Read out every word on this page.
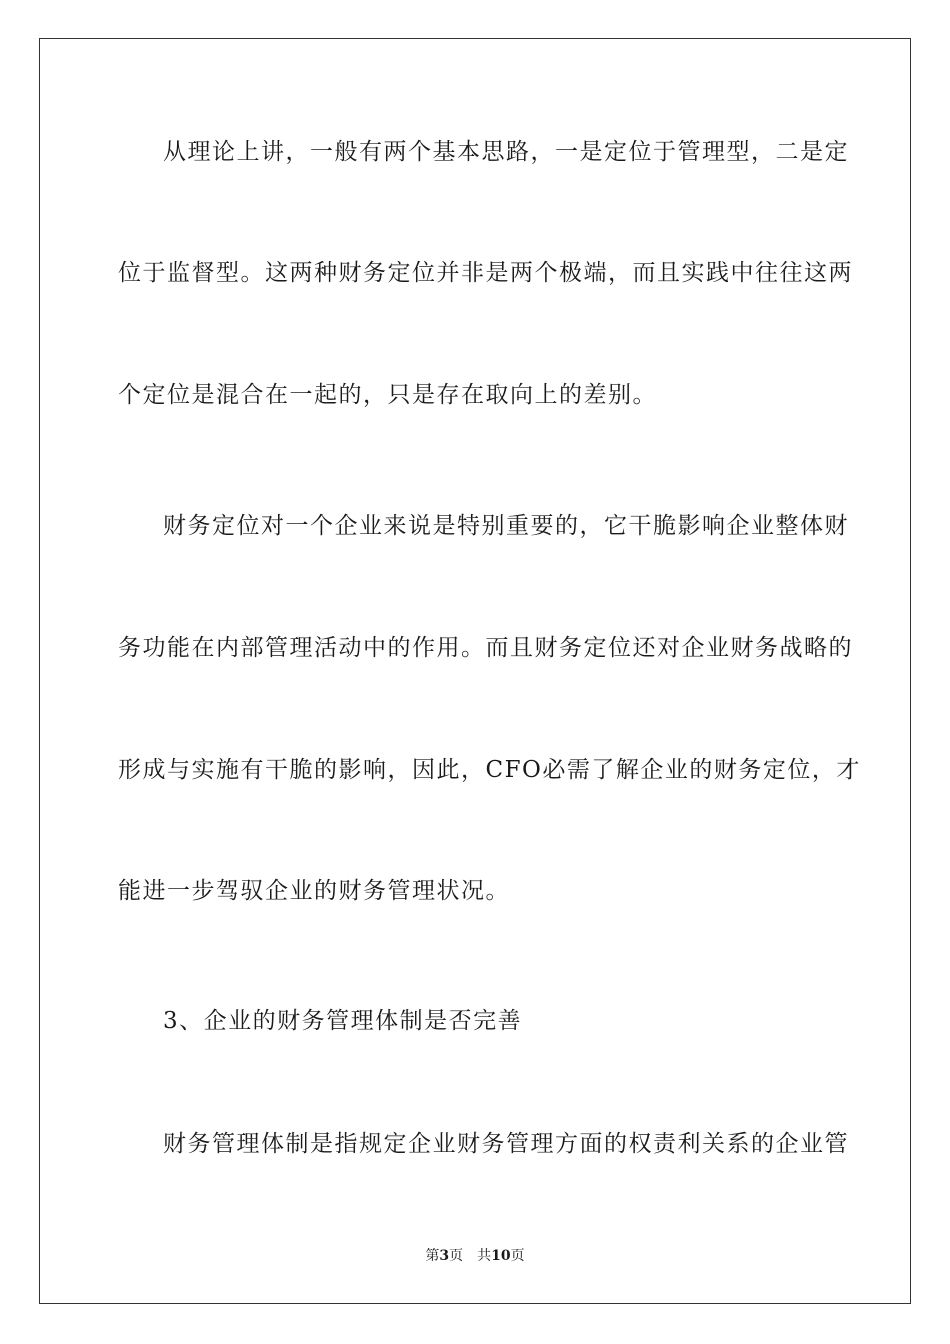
从理论上讲，一般有两个基本思路，一是定位于管理型，二是定
位于监督型。这两种财务定位并非是两个极端，而且实践中往往这两
个定位是混合在一起的，只是存在取向上的差别。
财务定位对一个企业来说是特别重要的，它干脆影响企业整体财
务功能在内部管理活动中的作用。而且财务定位还对企业财务战略的
形成与实施有干脆的影响，因此，CFO必需了解企业的财务定位，才
能进一步驾驭企业的财务管理状况。
3、企业的财务管理体制是否完善
财务管理体制是指规定企业财务管理方面的权责利关系的企业管
第3页 共10页
